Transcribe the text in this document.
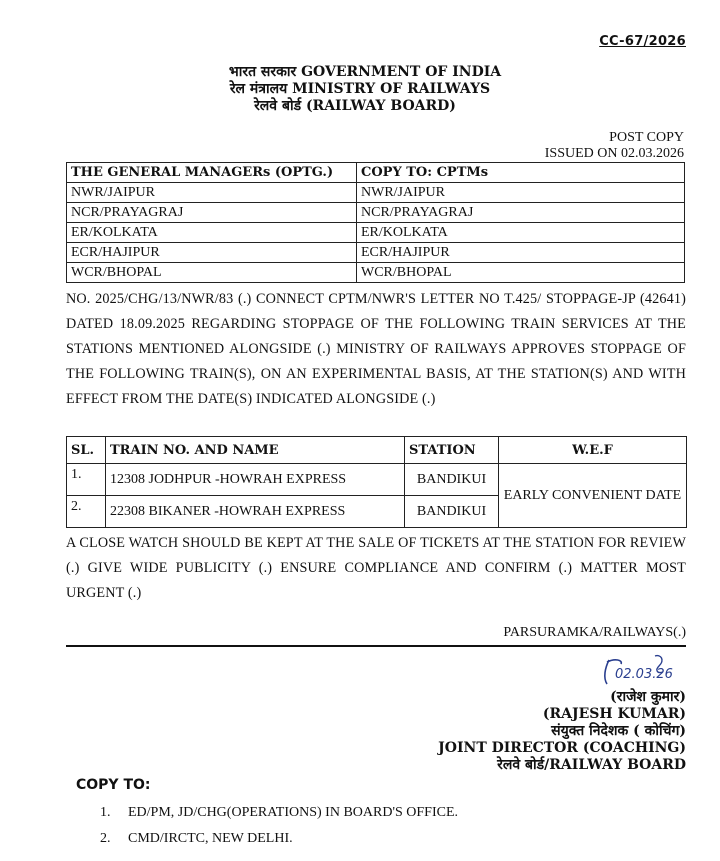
CC-67/2026
भारत सरकार GOVERNMENT OF INDIA
रेल मंत्रालय MINISTRY OF RAILWAYS
रेलवे बोर्ड (RAILWAY BOARD)
POST COPY
ISSUED ON 02.03.2026
THE GENERAL MANAGERs (OPTG.)	COPY TO: CPTMs
NWR/JAIPUR	NWR/JAIPUR
NCR/PRAYAGRAJ	NCR/PRAYAGRAJ
ER/KOLKATA	ER/KOLKATA
ECR/HAJIPUR	ECR/HAJIPUR
WCR/BHOPAL	WCR/BHOPAL
NO. 2025/CHG/13/NWR/83 (.) CONNECT CPTM/NWR'S LETTER NO T.425/ STOPPAGE-JP (42641) DATED 18.09.2025 REGARDING STOPPAGE OF THE FOLLOWING TRAIN SERVICES AT THE STATIONS MENTIONED ALONGSIDE (.) MINISTRY OF RAILWAYS APPROVES STOPPAGE OF THE FOLLOWING TRAIN(S), ON AN EXPERIMENTAL BASIS, AT THE STATION(S) AND WITH EFFECT FROM THE DATE(S) INDICATED ALONGSIDE (.)
SL.	TRAIN NO. AND NAME	STATION	W.E.F
1.	12308 JODHPUR -HOWRAH EXPRESS	BANDIKUI	EARLY CONVENIENT DATE
2.	22308 BIKANER -HOWRAH EXPRESS	BANDIKUI	
A CLOSE WATCH SHOULD BE KEPT AT THE SALE OF TICKETS AT THE STATION FOR REVIEW (.) GIVE WIDE PUBLICITY (.) ENSURE COMPLIANCE AND CONFIRM (.) MATTER MOST URGENT (.)
PARSURAMKA/RAILWAYS(.)
02.03.26
(राजेश कुमार)
(RAJESH KUMAR)
संयुक्त निदेशक ( कोचिंग)
JOINT DIRECTOR (COACHING)
रेलवे बोर्ड/RAILWAY BOARD
COPY TO:
1. ED/PM, JD/CHG(OPERATIONS) IN BOARD'S OFFICE.
2. CMD/IRCTC, NEW DELHI.
